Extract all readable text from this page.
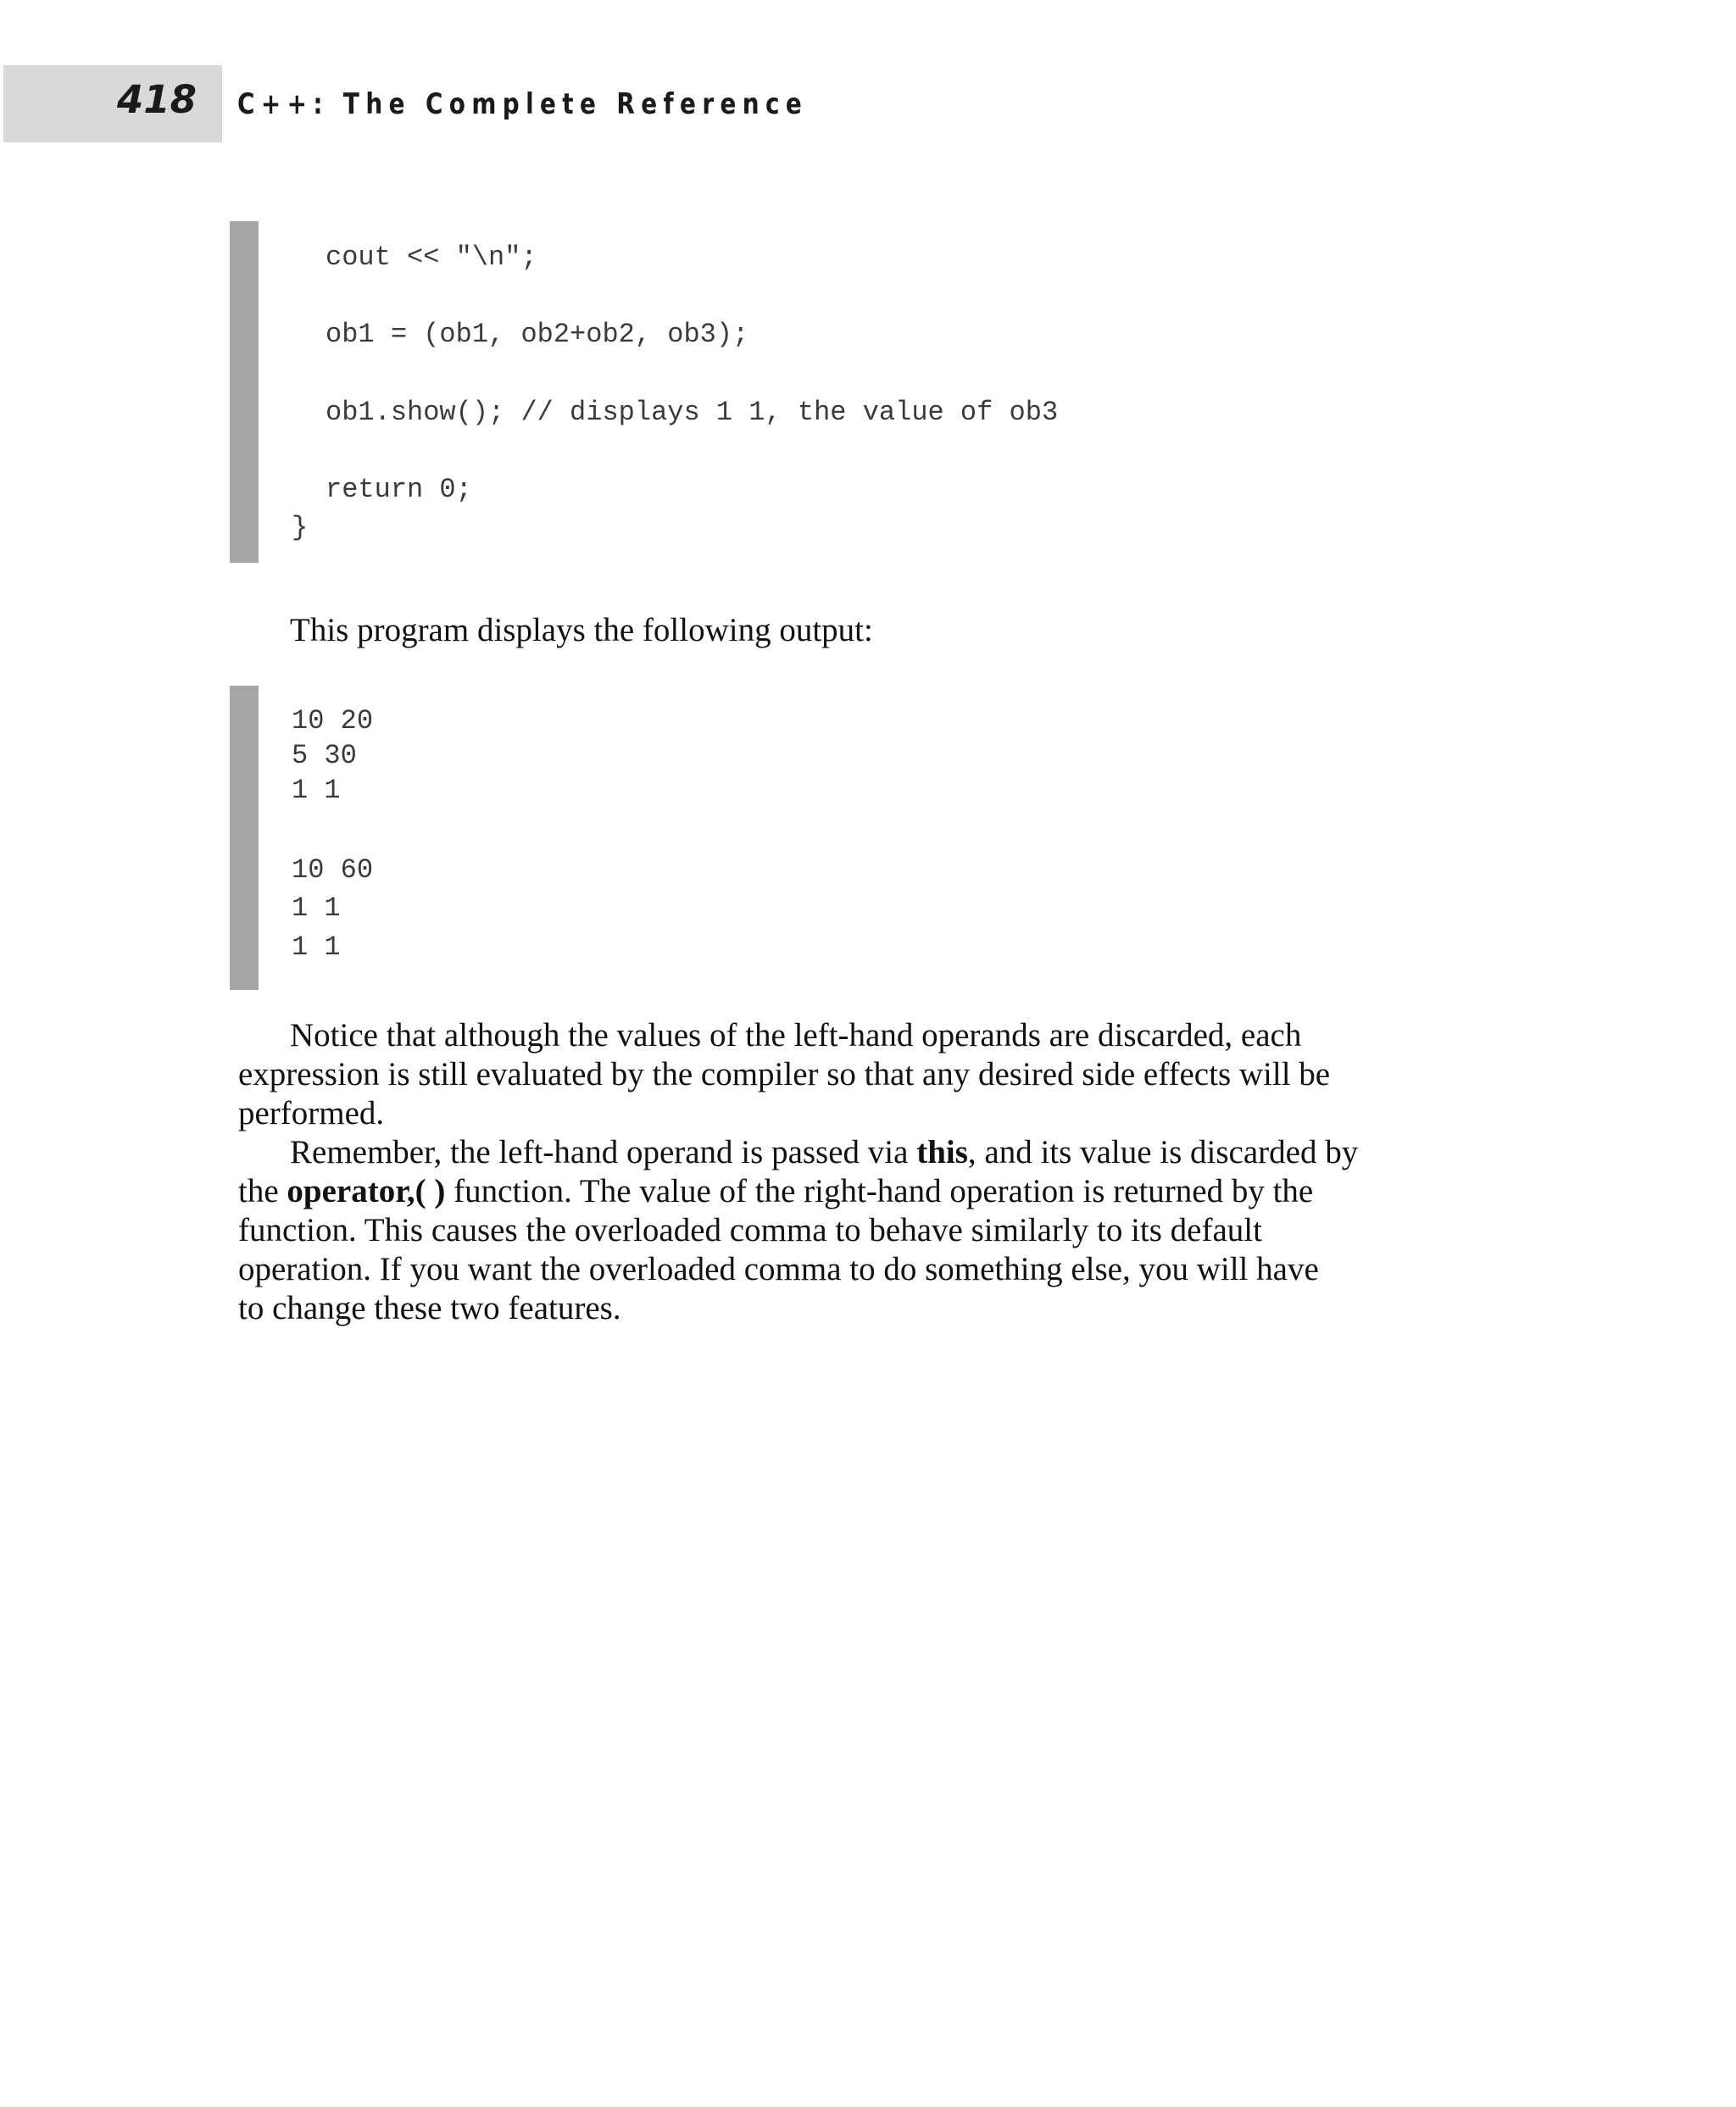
418 C++: The Complete Reference
cout << "\n";
ob1 = (ob1, ob2+ob2, ob3);
ob1.show(); // displays 1 1, the value of ob3
return 0;
}
This program displays the following output:
10 20
5 30
1 1
10 60
1 1
1 1
Notice that although the values of the left-hand operands are discarded, each
expression is still evaluated by the compiler so that any desired side effects will be
performed.
Remember, the left-hand operand is passed via this, and its value is discarded by
the operator,( ) function. The value of the right-hand operation is returned by the
function. This causes the overloaded comma to behave similarly to its default
operation. If you want the overloaded comma to do something else, you will have
to change these two features.
